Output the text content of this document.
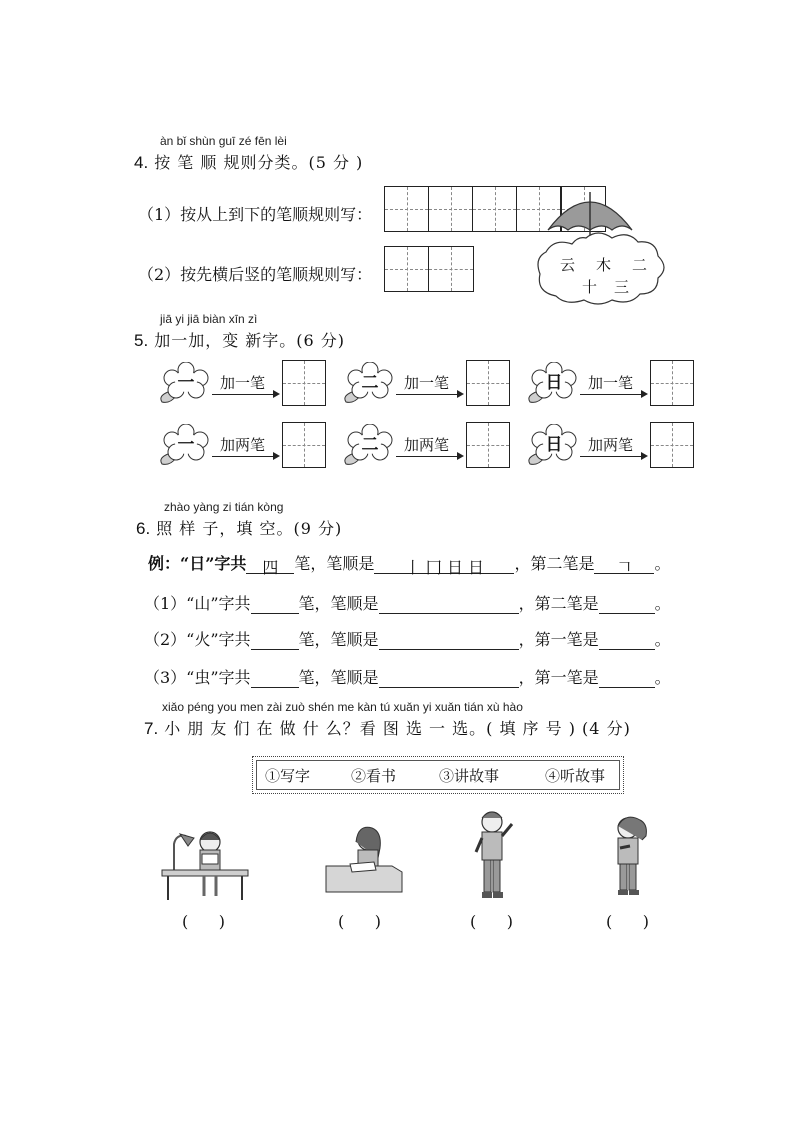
àn bǐ shùn guī zé fēn lèi
4. 按 笔 顺 规则分类。(5 分 )
（1）按从上到下的笔顺规则写：
（2）按先横后竖的笔顺规则写：	云 木 二
十 三
jiā yi jiā biàn xīn zì
5. 加一加，变 新字。(6 分)
一	加一笔	二	加一笔	日	加一笔
一	加两笔	二	加两笔	日	加两笔
zhào yàng zi tián kòng
6. 照 样 子，填 空。(9 分)
例：“日”字共 四 笔，笔顺是 丨 冂 日 日 ，第二笔是 𠃍 。
（1）“山”字共	笔，笔顺是	，第二笔是	。
（2）“火”字共	笔，笔顺是	，第一笔是	。
（3）“虫”字共	笔，笔顺是	，第一笔是	。
xiǎo péng you men zài zuò shén me kàn tú xuǎn yi xuǎn tián xù hào
7. 小 朋 友 们 在 做 什 么？看 图 选 一 选。( 填 序 号 ) (4 分)
①写字	②看书	③讲故事	④听故事
(      )	(      )	(      )	(      )
